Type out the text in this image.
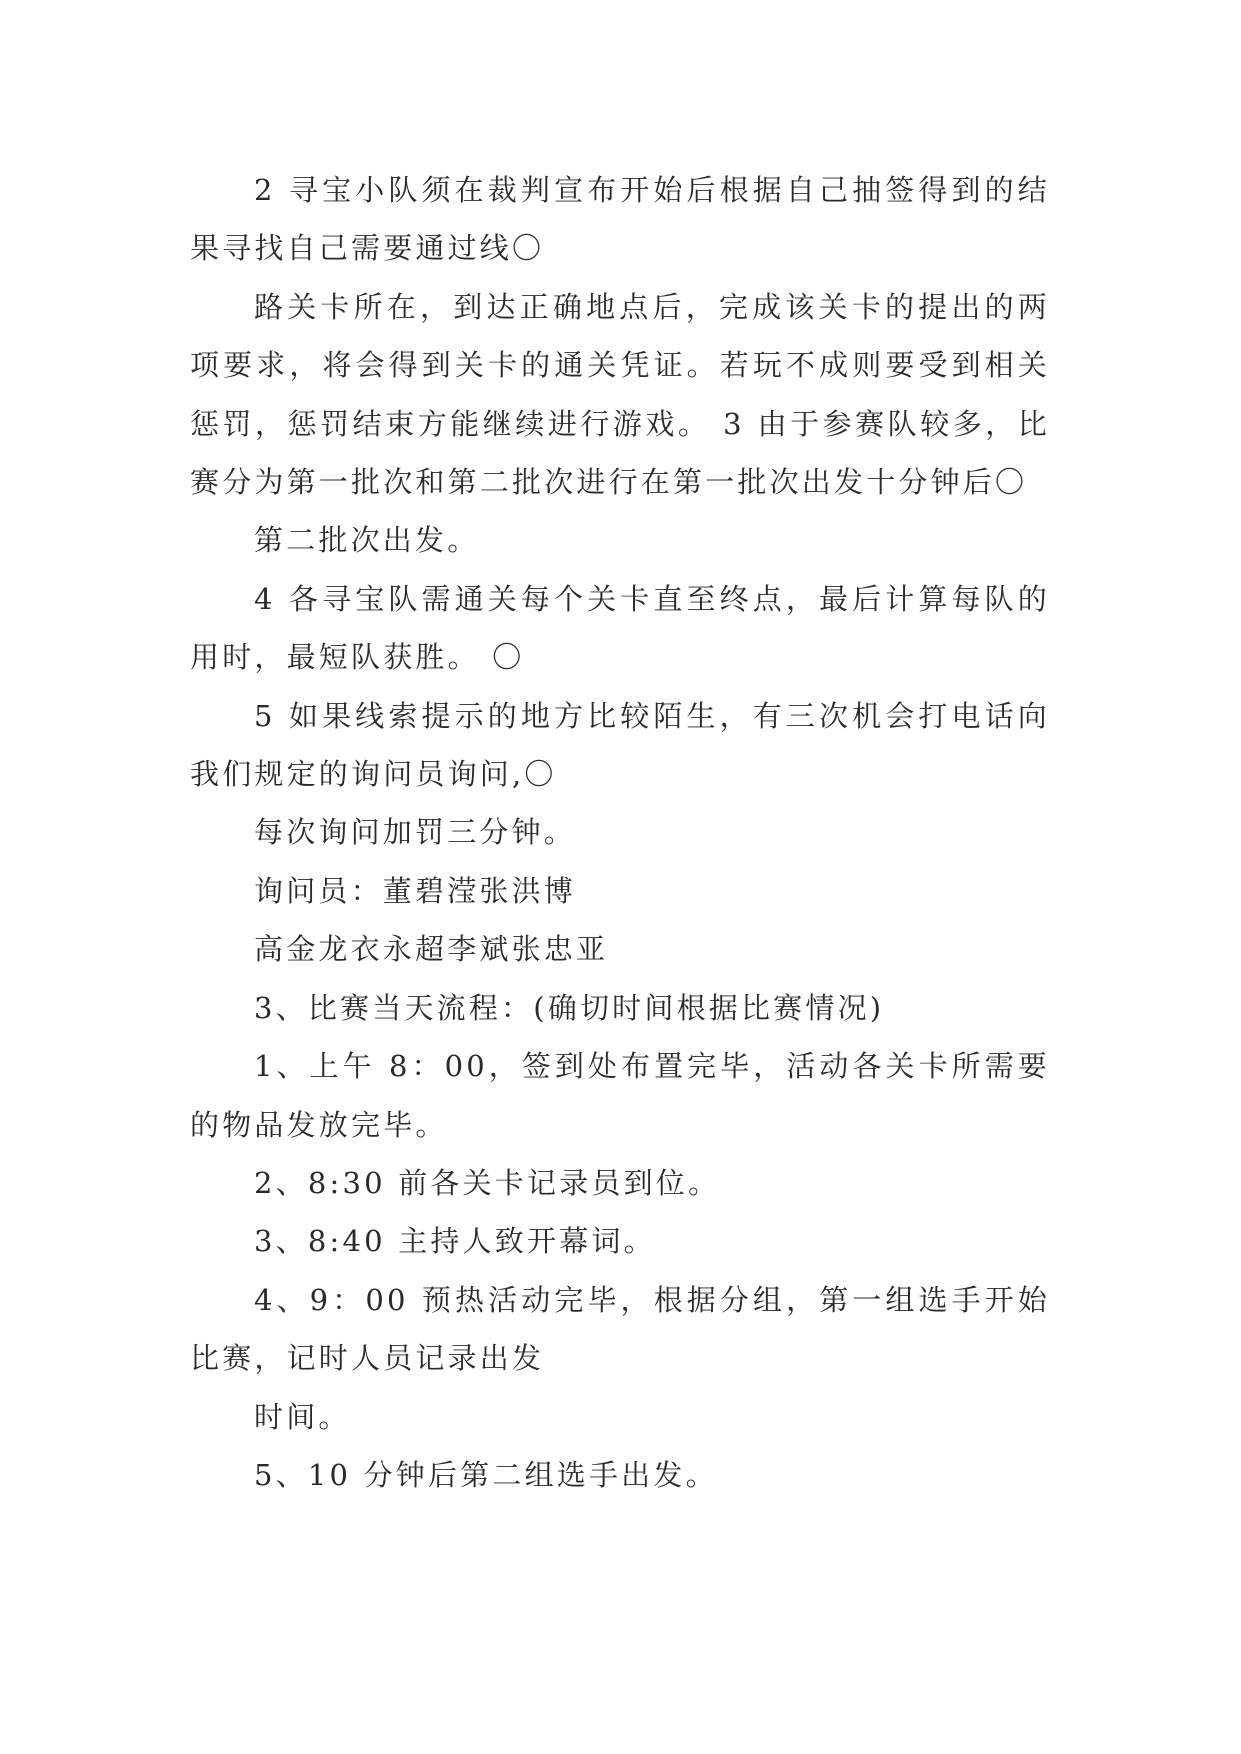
2 寻宝小队须在裁判宣布开始后根据自己抽签得到的结果寻找自己需要通过线〇

路关卡所在，到达正确地点后，完成该关卡的提出的两项要求，将会得到关卡的通关凭证。若玩不成则要受到相关惩罚，惩罚结束方能继续进行游戏。 3 由于参赛队较多，比赛分为第一批次和第二批次进行在第一批次出发十分钟后〇

第二批次出发。

4 各寻宝队需通关每个关卡直至终点，最后计算每队的用时，最短队获胜。 〇

5 如果线索提示的地方比较陌生，有三次机会打电话向我们规定的询问员询问,〇

每次询问加罚三分钟。

询问员：董碧滢张洪博

高金龙衣永超李斌张忠亚

3、比赛当天流程：(确切时间根据比赛情况)

1、上午 8：00，签到处布置完毕，活动各关卡所需要的物品发放完毕。

2、8:30 前各关卡记录员到位。

3、8:40 主持人致开幕词。

4、9：00 预热活动完毕，根据分组，第一组选手开始比赛，记时人员记录出发

时间。

5、10 分钟后第二组选手出发。
